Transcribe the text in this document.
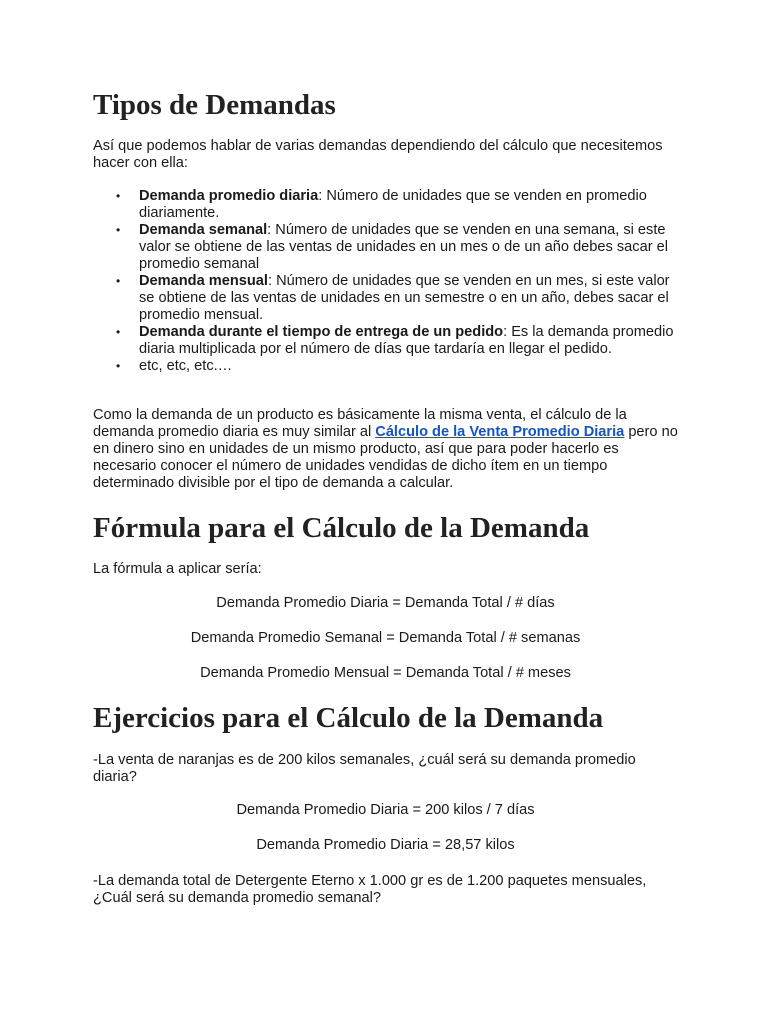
Tipos de Demandas

Así que podemos hablar de varias demandas dependiendo del cálculo que necesitemos hacer con ella:

• Demanda promedio diaria: Número de unidades que se venden en promedio diariamente.
• Demanda semanal: Número de unidades que se venden en una semana, si este valor se obtiene de las ventas de unidades en un mes o de un año debes sacar el promedio semanal
• Demanda mensual: Número de unidades que se venden en un mes, si este valor se obtiene de las ventas de unidades en un semestre o en un año, debes sacar el promedio mensual.
• Demanda durante el tiempo de entrega de un pedido: Es la demanda promedio diaria multiplicada por el número de días que tardaría en llegar el pedido.
• etc, etc, etc.…

Como la demanda de un producto es básicamente la misma venta, el cálculo de la demanda promedio diaria es muy similar al Cálculo de la Venta Promedio Diaria pero no en dinero sino en unidades de un mismo producto, así que para poder hacerlo es necesario conocer el número de unidades vendidas de dicho ítem en un tiempo determinado divisible por el tipo de demanda a calcular.

Fórmula para el Cálculo de la Demanda

La fórmula a aplicar sería:

Demanda Promedio Diaria = Demanda Total / # días

Demanda Promedio Semanal = Demanda Total / # semanas

Demanda Promedio Mensual = Demanda Total / # meses

Ejercicios para el Cálculo de la Demanda

-La venta de naranjas es de 200 kilos semanales, ¿cuál será su demanda promedio diaria?

Demanda Promedio Diaria = 200 kilos / 7 días

Demanda Promedio Diaria = 28,57 kilos

-La demanda total de Detergente Eterno x 1.000 gr es de 1.200 paquetes mensuales, ¿Cuál será su demanda promedio semanal?
